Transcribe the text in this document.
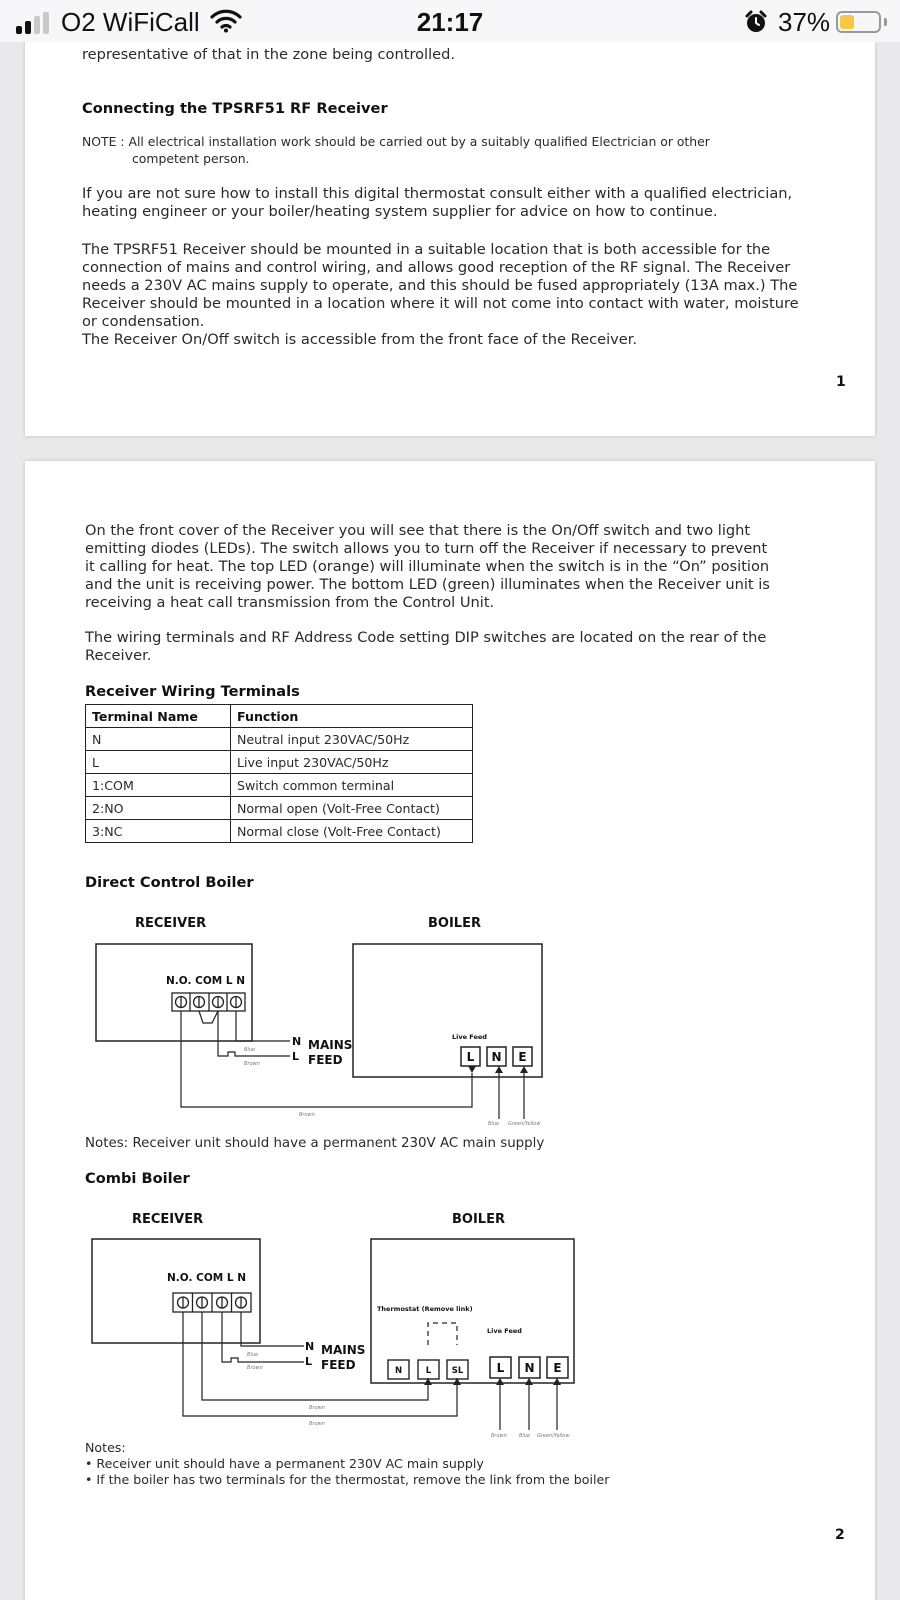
O2 WiFiCall	21:17	37%
representative of that in the zone being controlled.
Connecting the TPSRF51 RF Receiver
NOTE : All electrical installation work should be carried out by a suitably qualified Electrician or other
competent person.
If you are not sure how to install this digital thermostat consult either with a qualified electrician,
heating engineer or your boiler/heating system supplier for advice on how to continue.
The TPSRF51 Receiver should be mounted in a suitable location that is both accessible for the
connection of mains and control wiring, and allows good reception of the RF signal. The Receiver
needs a 230V AC mains supply to operate, and this should be fused appropriately (13A max.) The
Receiver should be mounted in a location where it will not come into contact with water, moisture
or condensation.
The Receiver On/Off switch is accessible from the front face of the Receiver.
1
On the front cover of the Receiver you will see that there is the On/Off switch and two light
emitting diodes (LEDs). The switch allows you to turn off the Receiver if necessary to prevent
it calling for heat. The top LED (orange) will illuminate when the switch is in the “On” position
and the unit is receiving power. The bottom LED (green) illuminates when the Receiver unit is
receiving a heat call transmission from the Control Unit.
The wiring terminals and RF Address Code setting DIP switches are located on the rear of the
Receiver.
Receiver Wiring Terminals
Terminal Name	Function
N	Neutral input 230VAC/50Hz
L	Live input 230VAC/50Hz
1:COM	Switch common terminal
2:NO	Normal open (Volt-Free Contact)
3:NC	Normal close (Volt-Free Contact)
Direct Control Boiler
RECEIVER	BOILER
N.O. COM L N
Blue
Brown
Brown
Blue Green/Yellow
N
L
MAINS
FEED
Live Feed
L N E
Notes: Receiver unit should have a permanent 230V AC main supply
Combi Boiler
RECEIVER	BOILER
N.O. COM L N
Thermostat (Remove link)
Blue
Brown
Brown
Brown
Brown Blue Green/Yellow
N
L
MAINS
FEED	N	L SL
Live Feed
L N E
Notes:
• Receiver unit should have a permanent 230V AC main supply
• If the boiler has two terminals for the thermostat, remove the link from the boiler
2
